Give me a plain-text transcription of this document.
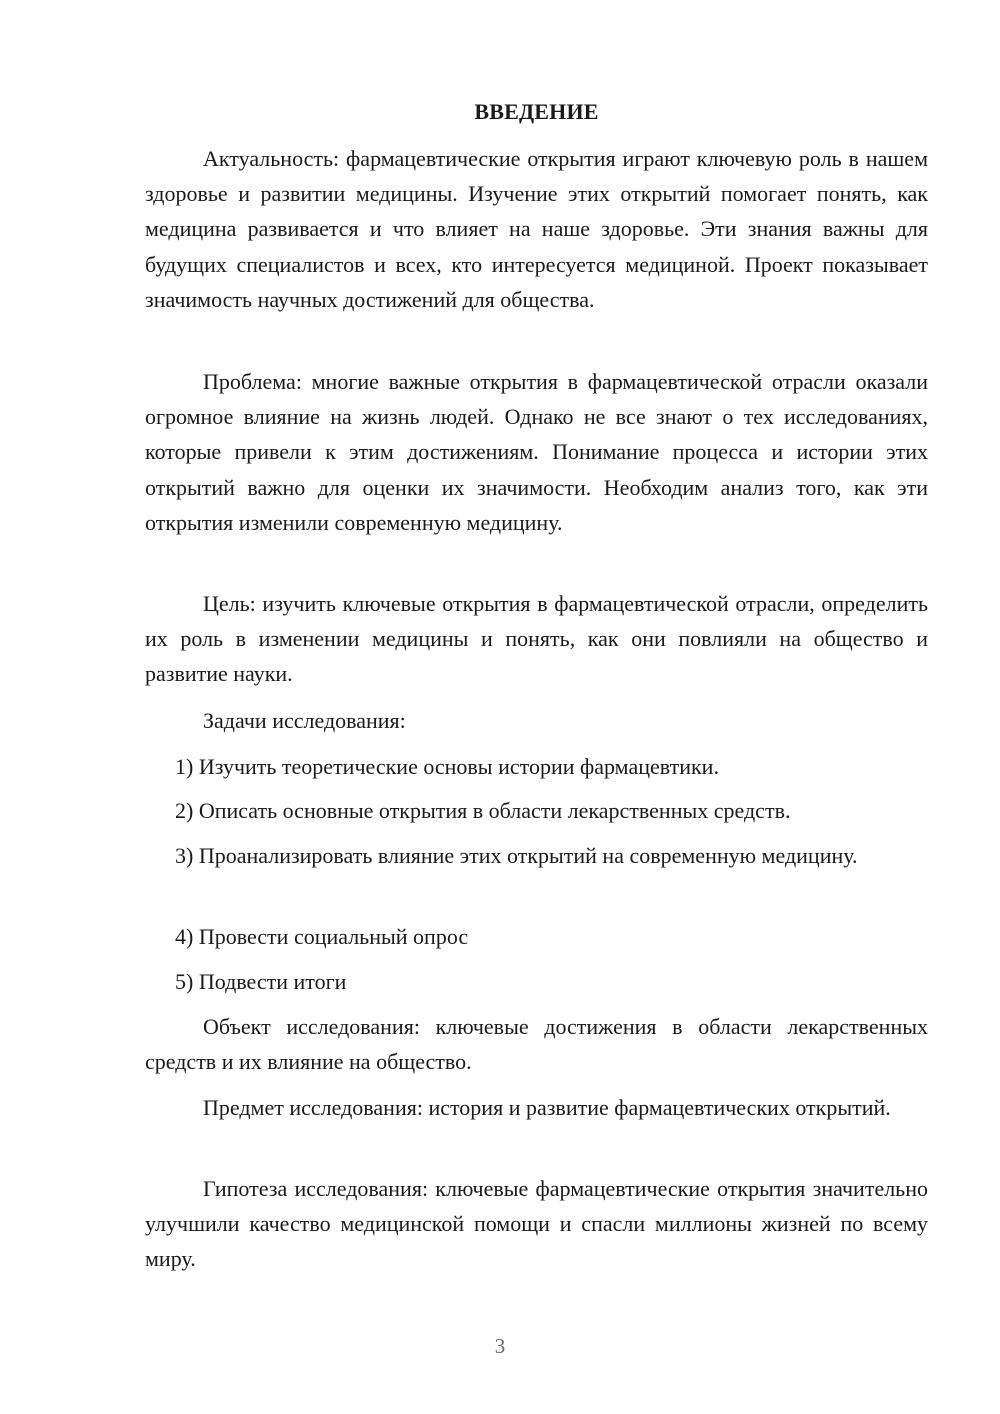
ВВЕДЕНИЕ

Актуальность: фармацевтические открытия играют ключевую роль в нашем здоровье и развитии медицины. Изучение этих открытий помогает понять, как медицина развивается и что влияет на наше здоровье. Эти знания важны для будущих специалистов и всех, кто интересуется медициной. Проект показывает значимость научных достижений для общества.

Проблема: многие важные открытия в фармацевтической отрасли оказали огромное влияние на жизнь людей. Однако не все знают о тех исследованиях, которые привели к этим достижениям. Понимание процесса и истории этих открытий важно для оценки их значимости. Необходим анализ того, как эти открытия изменили современную медицину.

Цель: изучить ключевые открытия в фармацевтической отрасли, определить их роль в изменении медицины и понять, как они повлияли на общество и развитие науки.

Задачи исследования:

1) Изучить теоретические основы истории фармацевтики.

2) Описать основные открытия в области лекарственных средств.

3) Проанализировать влияние этих открытий на современную медицину.

4) Провести социальный опрос

5) Подвести итоги

Объект исследования: ключевые достижения в области лекарственных средств и их влияние на общество.

Предмет исследования: история и развитие фармацевтических открытий.

Гипотеза исследования: ключевые фармацевтические открытия значительно улучшили качество медицинской помощи и спасли миллионы жизней по всему миру.

3
